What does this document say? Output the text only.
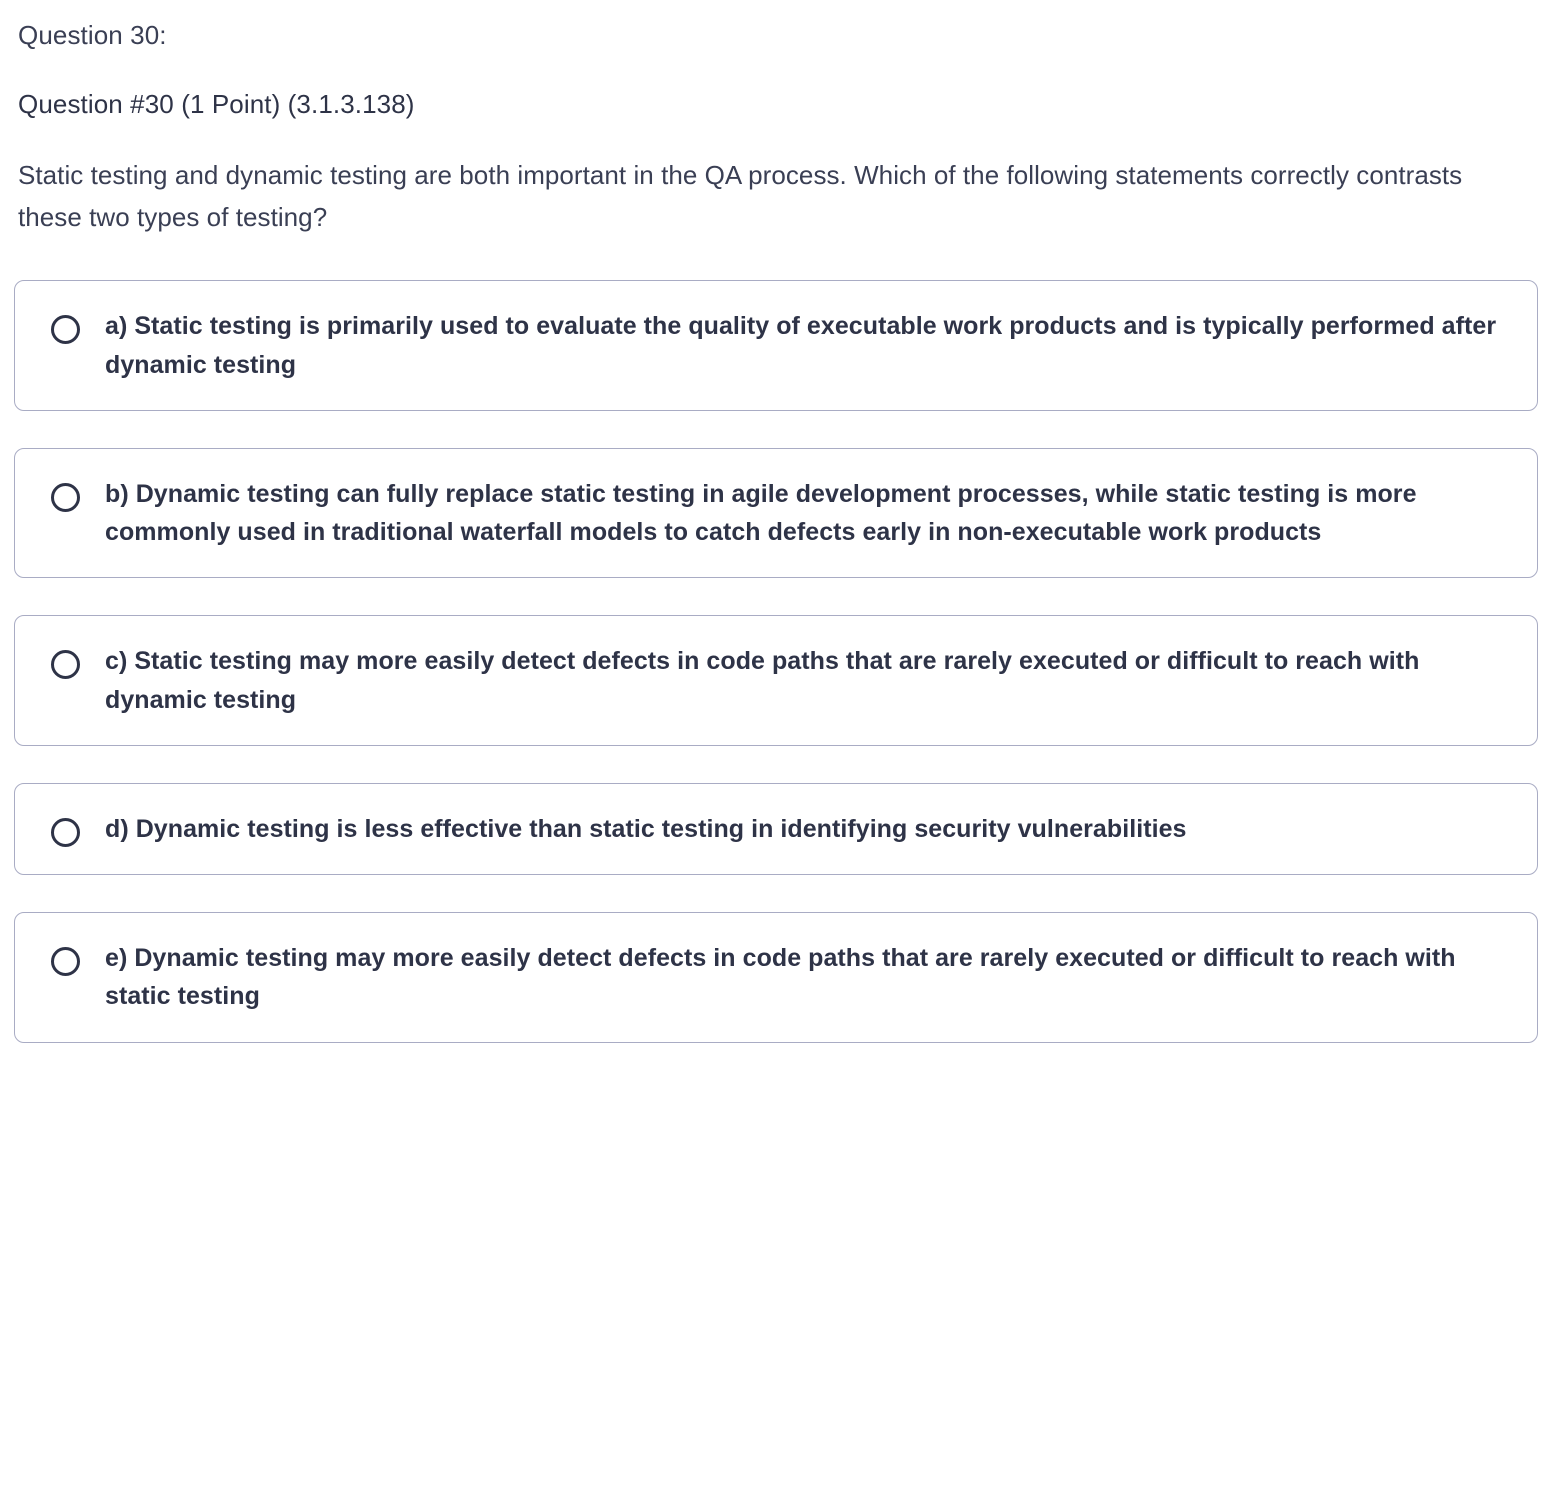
Question 30:
Question #30 (1 Point) (3.1.3.138)
Static testing and dynamic testing are both important in the QA process. Which of the following statements correctly contrasts these two types of testing?
a) Static testing is primarily used to evaluate the quality of executable work products and is typically performed after dynamic testing
b) Dynamic testing can fully replace static testing in agile development processes, while static testing is more commonly used in traditional waterfall models to catch defects early in non-executable work products
c) Static testing may more easily detect defects in code paths that are rarely executed or difficult to reach with dynamic testing
d) Dynamic testing is less effective than static testing in identifying security vulnerabilities
e) Dynamic testing may more easily detect defects in code paths that are rarely executed or difficult to reach with static testing
